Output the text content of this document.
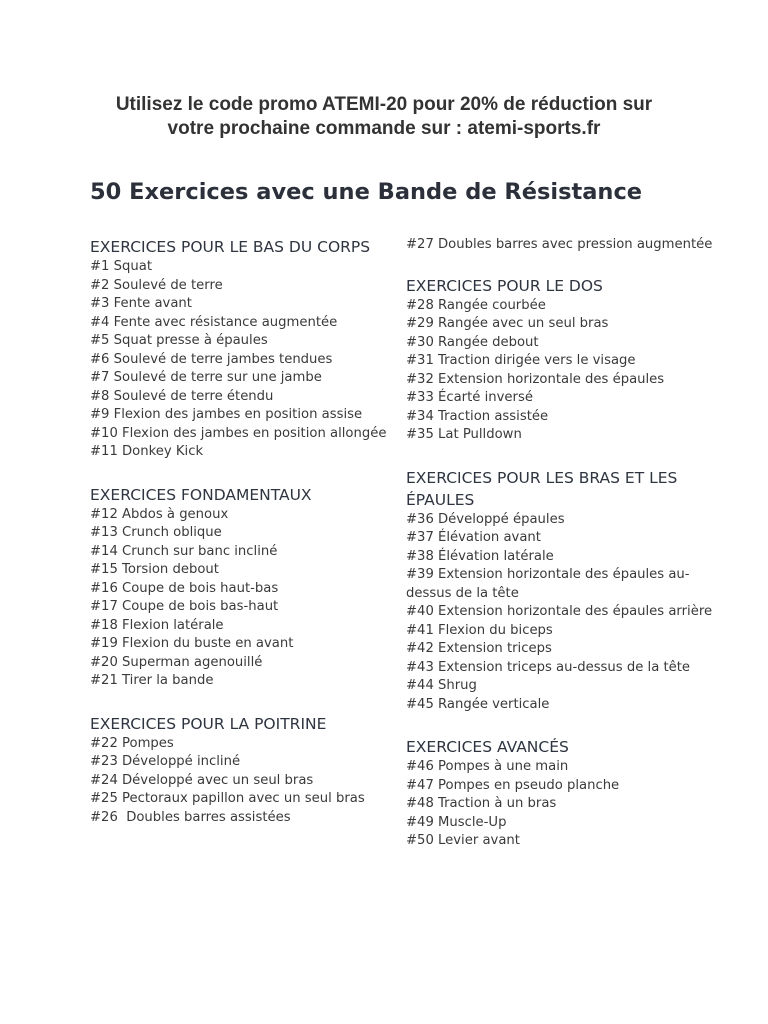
Utilisez le code promo ATEMI-20 pour 20% de réduction sur
votre prochaine commande sur : atemi-sports.fr
50 Exercices avec une Bande de Résistance
EXERCICES POUR LE BAS DU CORPS
#1 Squat
#2 Soulevé de terre
#3 Fente avant
#4 Fente avec résistance augmentée
#5 Squat presse à épaules
#6 Soulevé de terre jambes tendues
#7 Soulevé de terre sur une jambe
#8 Soulevé de terre étendu
#9 Flexion des jambes en position assise
#10 Flexion des jambes en position allongée
#11 Donkey Kick
EXERCICES FONDAMENTAUX
#12 Abdos à genoux
#13 Crunch oblique
#14 Crunch sur banc incliné
#15 Torsion debout
#16 Coupe de bois haut-bas
#17 Coupe de bois bas-haut
#18 Flexion latérale
#19 Flexion du buste en avant
#20 Superman agenouillé
#21 Tirer la bande
EXERCICES POUR LA POITRINE
#22 Pompes
#23 Développé incliné
#24 Développé avec un seul bras
#25 Pectoraux papillon avec un seul bras
#26  Doubles barres assistées
#27 Doubles barres avec pression augmentée
EXERCICES POUR LE DOS
#28 Rangée courbée
#29 Rangée avec un seul bras
#30 Rangée debout
#31 Traction dirigée vers le visage
#32 Extension horizontale des épaules
#33 Écarté inversé
#34 Traction assistée
#35 Lat Pulldown
EXERCICES POUR LES BRAS ET LES ÉPAULES
#36 Développé épaules
#37 Élévation avant
#38 Élévation latérale
#39 Extension horizontale des épaules au-dessus de la tête
#40 Extension horizontale des épaules arrière
#41 Flexion du biceps
#42 Extension triceps
#43 Extension triceps au-dessus de la tête
#44 Shrug
#45 Rangée verticale
EXERCICES AVANCÉS
#46 Pompes à une main
#47 Pompes en pseudo planche
#48 Traction à un bras
#49 Muscle-Up
#50 Levier avant
